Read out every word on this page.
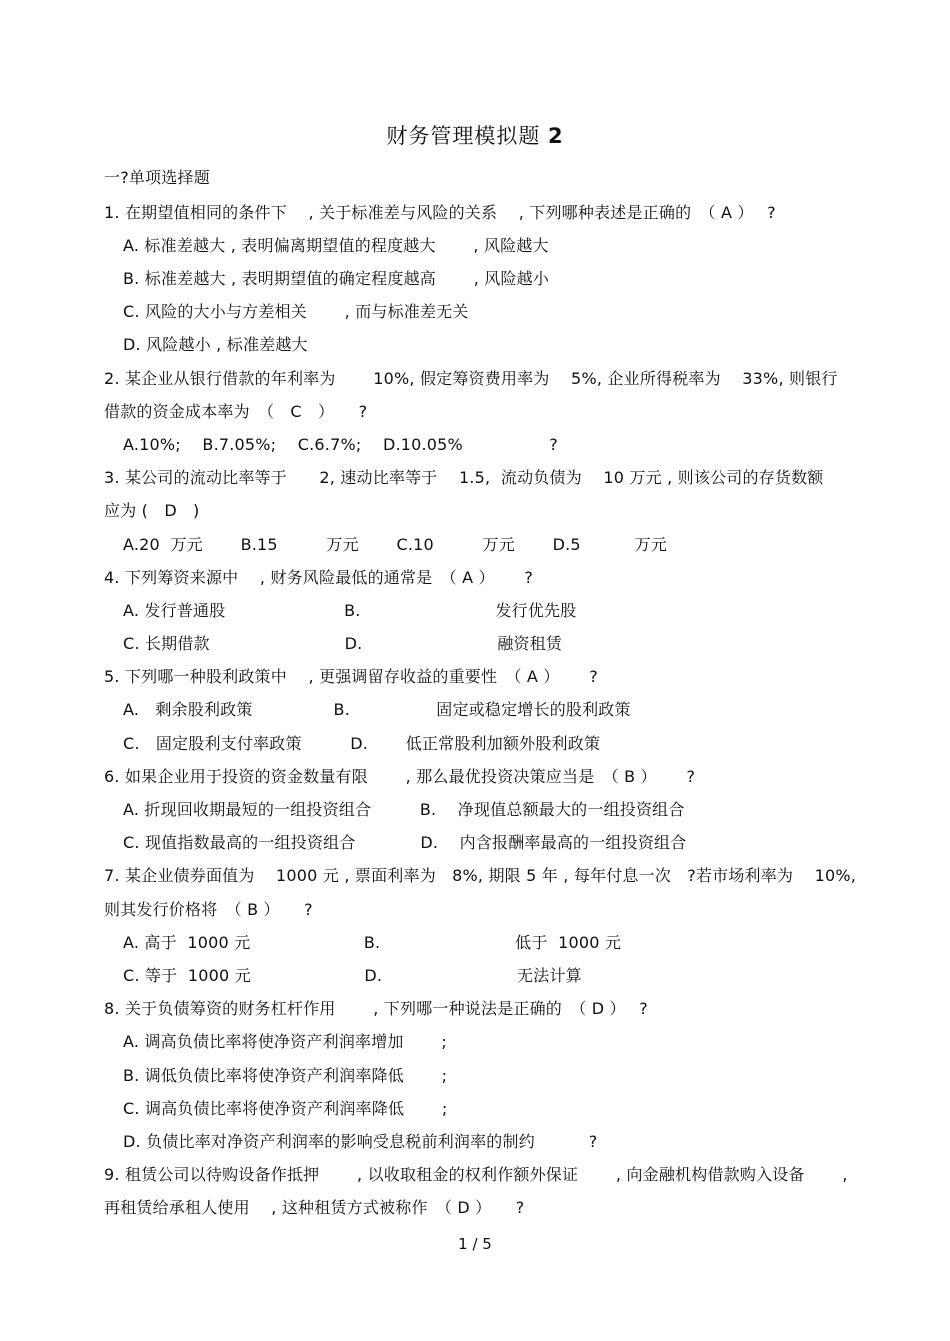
财务管理模拟题 2
一?单项选择题
1. 在期望值相同的条件下　 , 关于标准差与风险的关系　 , 下列哪种表述是正确的　（ A ）　 ?
A. 标准差越大 , 表明偏离期望值的程度越大　　 , 风险越大
B. 标准差越大 , 表明期望值的确定程度越高　　 , 风险越小
C. 风险的大小与方差相关　　 , 而与标准差无关
D. 风险越小 , 标准差越大
2. 某企业从银行借款的年利率为　　 10%, 假定筹资费用率为　 5%, 企业所得税率为　 33%, 则银行
借款的资金成本率为　（　C　）　　?
A.10%;　 B.7.05%;　 C.6.7%;　 D.10.05%　　　　　 ?
3. 某公司的流动比率等于　　2, 速动比率等于　 1.5,  流动负债为　 10 万元 , 则该公司的存货数额
应为 (　D　)
A.20  万元　　 B.15　　　万元　　 C.10　　　万元　　 D.5　　　 万元
4. 下列筹资来源中　 , 财务风险最低的通常是　（ A ）　　 ?
A. 发行普通股　　　　　　　 B.　　　　　　　　 发行优先股
C. 长期借款　　　　　　　　 D.　　　　　　　　 融资租赁
5. 下列哪一种股利政策中　 , 更强调留存收益的重要性　（ A ）　　 ?
A.　剩余股利政策　　　　　B.　　　　　 固定或稳定增长的股利政策
C.　固定股利支付率政策　　　D.　　 低正常股利加额外股利政策
6. 如果企业用于投资的资金数量有限　　 , 那么最优投资决策应当是　（ B ）　　 ?
A. 折现回收期最短的一组投资组合　　　B.　 净现值总额最大的一组投资组合
C. 现值指数最高的一组投资组合　　　　D.　 内含报酬率最高的一组投资组合
7. 某企业债券面值为　 1000 元 , 票面利率为　8%, 期限 5 年 , 每年付息一次　?若市场利率为　 10%,
则其发行价格将　（ B ）　　?
A. 高于  1000 元　　　　　　　B.　　　　　　　　 低于  1000 元
C. 等于  1000 元　　　　　　　D.　　　　　　　　 无法计算
8. 关于负债筹资的财务杠杆作用　　 , 下列哪一种说法是正确的　（ D ）　 ?
A. 调高负债比率将使净资产利润率增加　　 ;
B. 调低负债比率将使净资产利润率降低　　 ;
C. 调高负债比率将使净资产利润率降低　　 ;
D. 负债比率对净资产利润率的影响受息税前利润率的制约　　　 ?
9. 租赁公司以待购设备作抵押　　 , 以收取租金的权利作额外保证　　 , 向金融机构借款购入设备　　 ,
再租赁给承租人使用　 , 这种租赁方式被称作　（ D ）　　?
1 / 5
